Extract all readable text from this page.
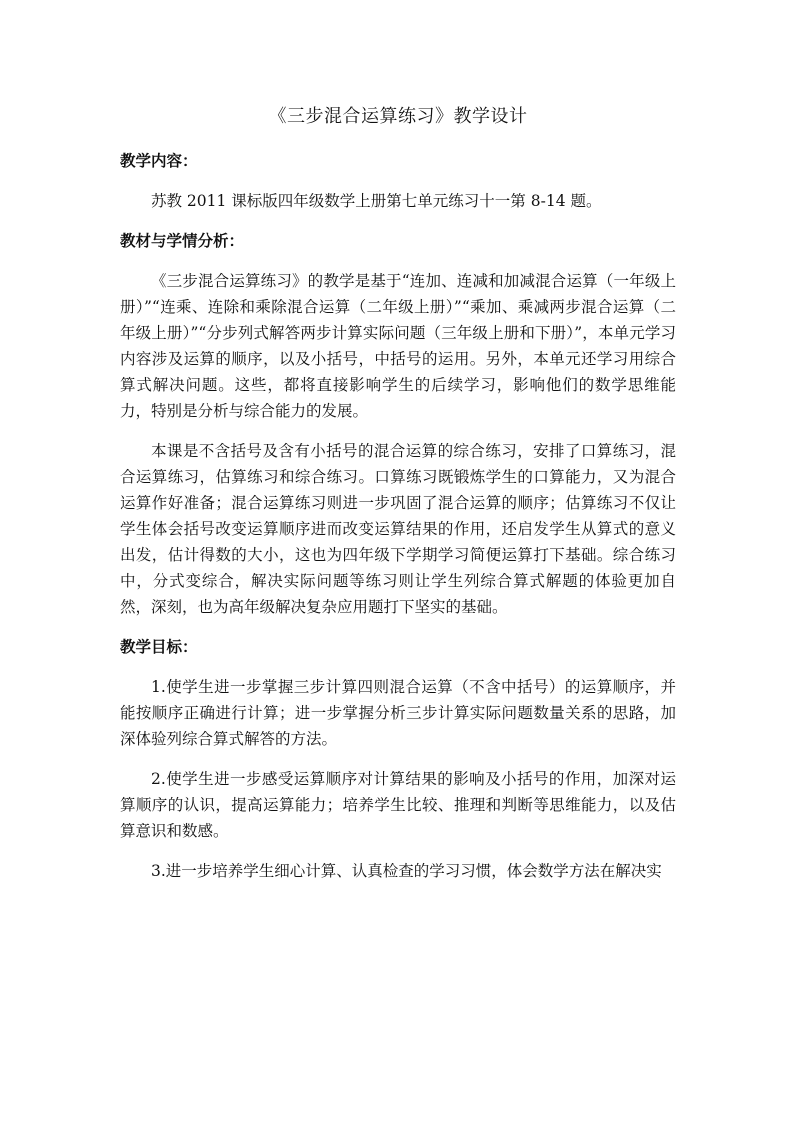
《三步混合运算练习》教学设计
教学内容：

苏教 2011 课标版四年级数学上册第七单元练习十一第 8-14 题。

教材与学情分析：

《三步混合运算练习》的教学是基于“连加、连减和加减混合运算（一年级上册）”“连乘、连除和乘除混合运算（二年级上册）”“乘加、乘减两步混合运算（二年级上册）”“分步列式解答两步计算实际问题（三年级上册和下册）”，本单元学习内容涉及运算的顺序，以及小括号，中括号的运用。另外，本单元还学习用综合算式解决问题。这些，都将直接影响学生的后续学习，影响他们的数学思维能力，特别是分析与综合能力的发展。

本课是不含括号及含有小括号的混合运算的综合练习，安排了口算练习，混合运算练习，估算练习和综合练习。口算练习既锻炼学生的口算能力，又为混合运算作好准备；混合运算练习则进一步巩固了混合运算的顺序；估算练习不仅让学生体会括号改变运算顺序进而改变运算结果的作用，还启发学生从算式的意义出发，估计得数的大小，这也为四年级下学期学习简便运算打下基础。综合练习中，分式变综合，解决实际问题等练习则让学生列综合算式解题的体验更加自然，深刻，也为高年级解决复杂应用题打下坚实的基础。

教学目标：

1.使学生进一步掌握三步计算四则混合运算（不含中括号）的运算顺序，并能按顺序正确进行计算；进一步掌握分析三步计算实际问题数量关系的思路，加深体验列综合算式解答的方法。

2.使学生进一步感受运算顺序对计算结果的影响及小括号的作用，加深对运算顺序的认识，提高运算能力；培养学生比较、推理和判断等思维能力，以及估算意识和数感。

3.进一步培养学生细心计算、认真检查的学习习惯，体会数学方法在解决实
